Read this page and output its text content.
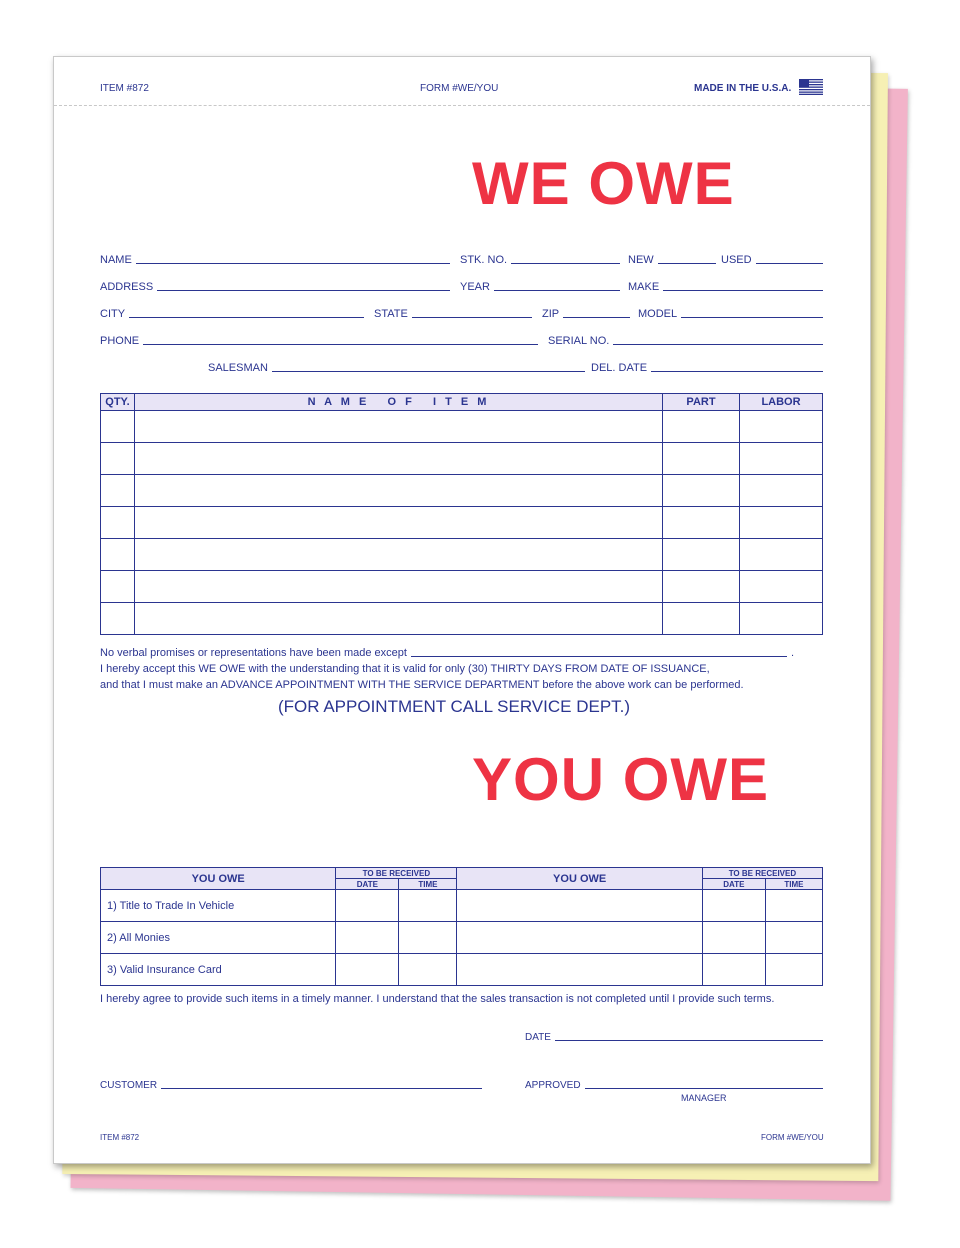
ITEM #872	FORM #WE/YOU	MADE IN THE U.S.A.
WE OWE
NAME	STK. NO.	NEW	USED
ADDRESS	YEAR	MAKE
CITY	STATE	ZIP	MODEL
PHONE	SERIAL NO.
SALESMAN	DEL. DATE
QTY.	N A M E   O F   I T E M	PART	LABOR

No verbal promises or representations have been made except	.
I hereby accept this WE OWE with the understanding that it is valid for only (30) THIRTY DAYS FROM DATE OF ISSUANCE,
and that I must make an ADVANCE APPOINTMENT WITH THE SERVICE DEPARTMENT before the above work can be performed.
(FOR APPOINTMENT CALL SERVICE DEPT.)
YOU OWE
YOU OWE	TO BE RECEIVED		YOU OWE	TO BE RECEIVED	
	DATE	TIME		DATE	TIME
1) Title to Trade In Vehicle					
2) All Monies					
3) Valid Insurance Card					
I hereby agree to provide such items in a timely manner. I understand that the sales transaction is not completed until I provide such terms.
DATE
CUSTOMER	APPROVED
MANAGER
ITEM #872	FORM #WE/YOU
